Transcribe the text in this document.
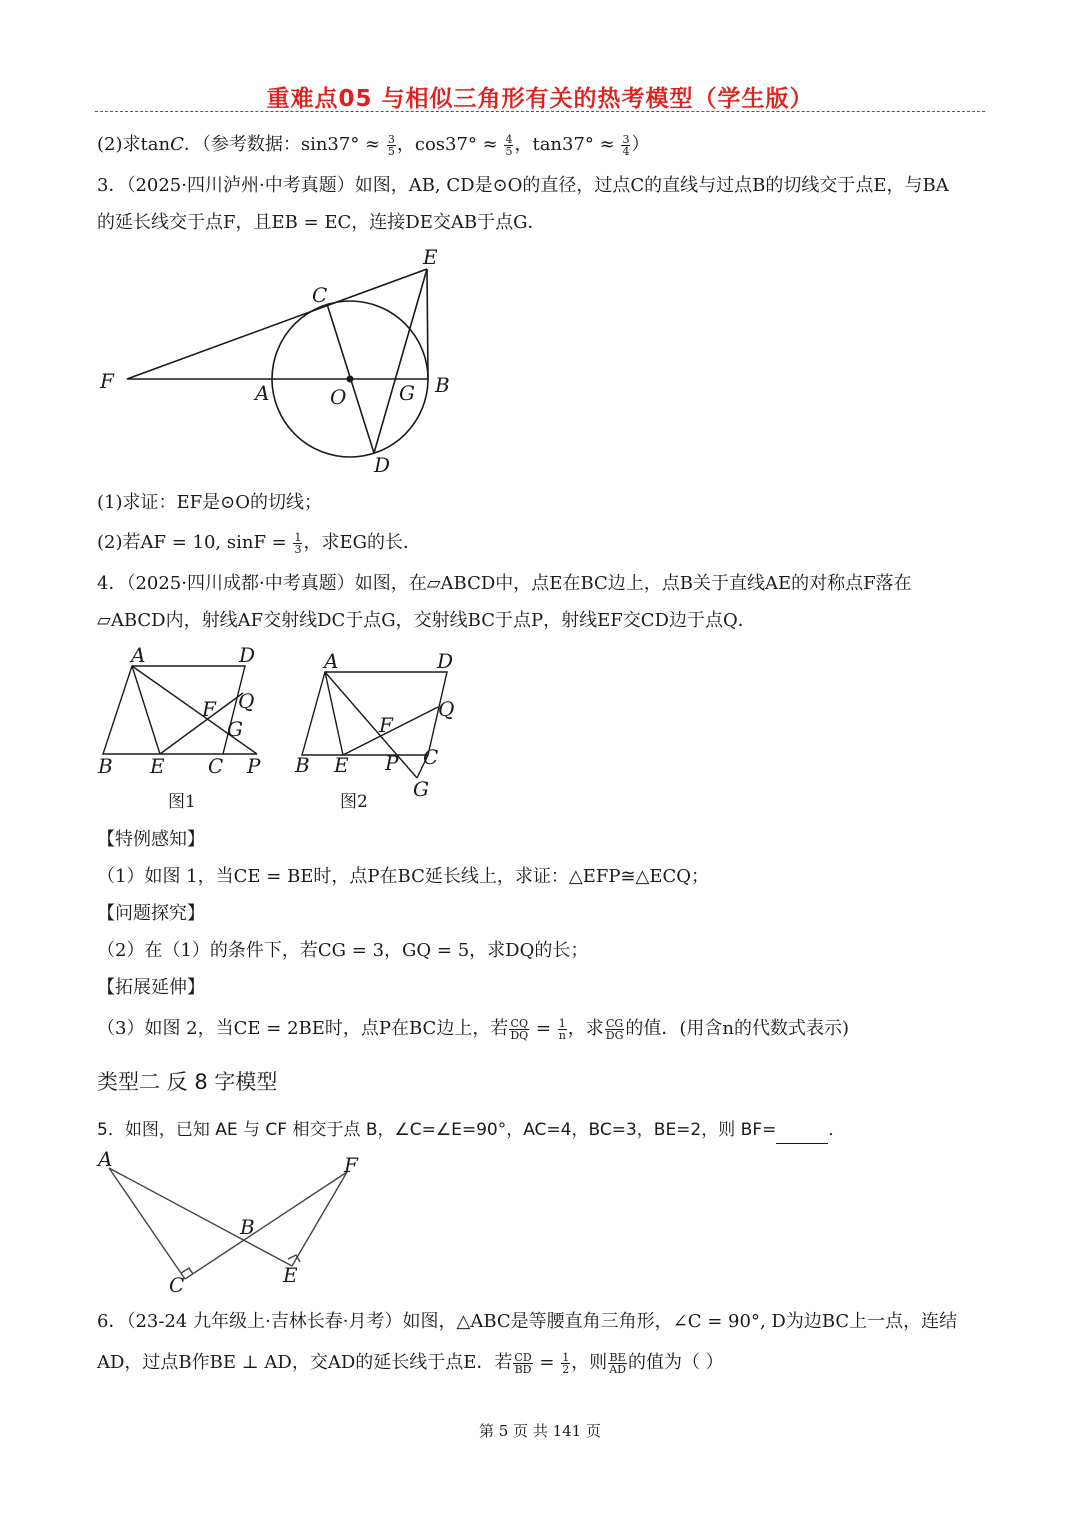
重难点05 与相似三角形有关的热考模型（学生版）
(2)求tanC．（参考数据：$\sin 37^\circ \approx \frac{3}{5}$ ，$\cos 37^\circ \approx \frac{4}{5}$ ，$\tan 37^\circ \approx \frac{3}{4}$ ）
3．（2025·四川泸州·中考真题）如图，AB, CD是⊙O的直径，过点C的直线与过点B的切线交于点E，与BA
的延长线交于点F，且EB = EC，连接DE交AB于点G．
E
C
F	A	O	G B
D
(1)求证：EF是⊙O的切线；
(2)若AF = 10, $\sin F = \frac{1}{3}$ ，求EG的长．
4．（2025·四川成都·中考真题）如图，在▱ABCD中，点E在BC边上，点B关于直线AE的对称点F落在
▱ABCD内，射线AF交射线DC于点G，交射线BC于点P，射线EF交CD边于点Q．
A	D
Q
F
G
B E C P
图1
A	D
Q
F
B E P C
G
图2
【特例感知】
（1）如图 1，当CE = BE时，点P在BC延长线上，求证：△EFP≅△ECQ；
【问题探究】
（2）在（1）的条件下，若CG = 3，GQ = 5，求DQ的长；
【拓展延伸】
（3）如图 2，当CE = 2BE时，点P在BC边上，若 $\frac{CQ}{DQ} = \frac{1}{n}$ ，求 $\frac{CG}{DG}$ 的值．(用含n的代数式表示)
类型二 反 8 字模型
5．如图，已知 AE 与 CF 相交于点 B，∠C=∠E=90°，AC=4，BC=3，BE=2，则 BF=	．
A	F
B
C	E
6．（23-24 九年级上·吉林长春·月考）如图，△ABC是等腰直角三角形，∠C = 90°, D为边BC上一点，连结
AD，过点B作BE ⊥ AD，交AD的延长线于点E．若 $\frac{CD}{BD} = \frac{1}{2}$ ，则 $\frac{BE}{AD}$ 的值为（ ）
第 5 页 共 141 页
